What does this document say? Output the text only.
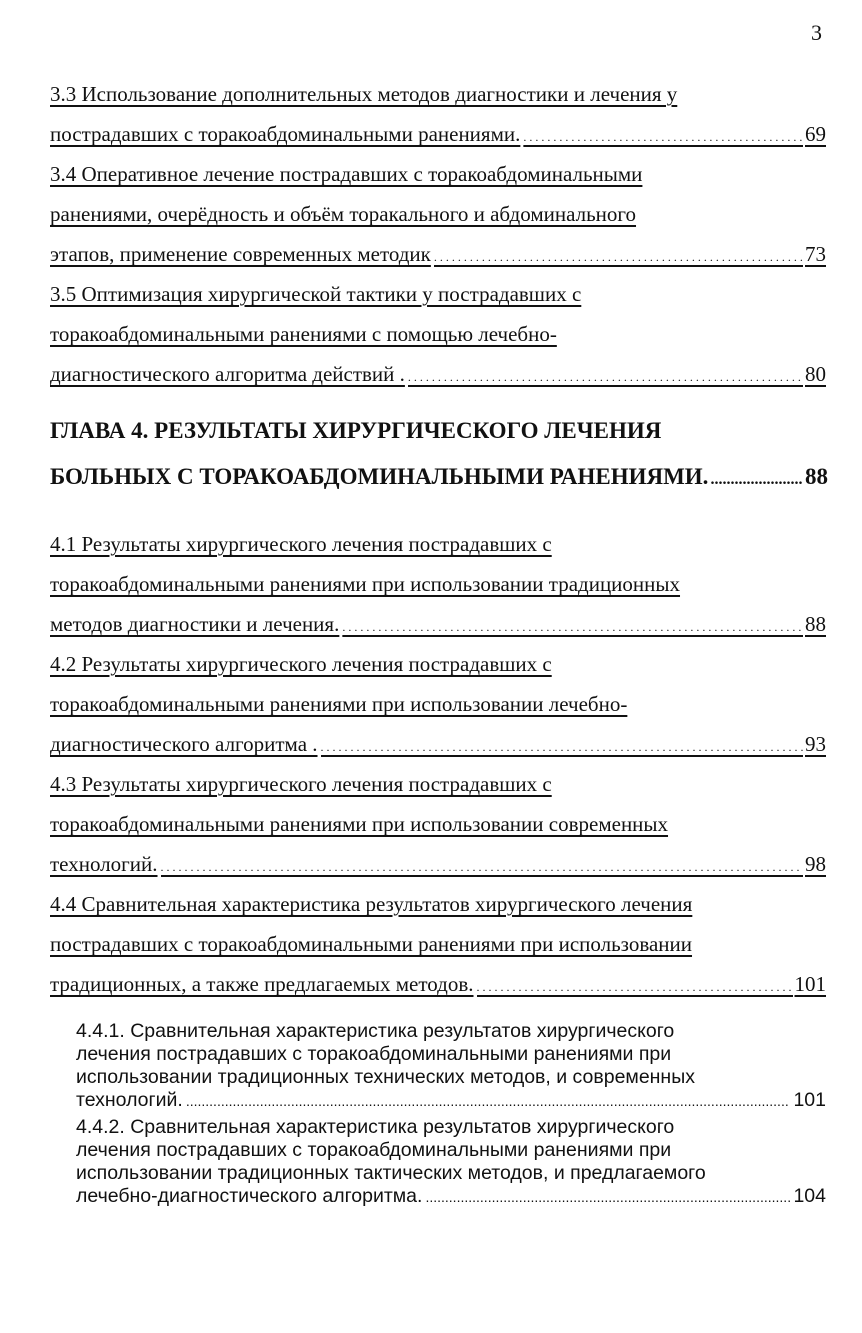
3
3.3 Использование дополнительных методов диагностики и лечения у
пострадавших с торакоабдоминальными ранениями. . . .	69
3.4 Оперативное лечение пострадавших с торакоабдоминальными
ранениями, очерёдность и объём торакального и абдоминального
этапов, применение современных методик . . .	73
3.5 Оптимизация хирургической тактики у пострадавших с
торакоабдоминальными ранениями с помощью лечебно-
диагностического алгоритма действий . . . .	80
ГЛАВА 4. РЕЗУЛЬТАТЫ ХИРУРГИЧЕСКОГО ЛЕЧЕНИЯ
БОЛЬНЫХ С ТОРАКОАБДОМИНАЛЬНЫМИ РАНЕНИЯМИ. .....	88
4.1 Результаты хирургического лечения пострадавших с
торакоабдоминальными ранениями при использовании традиционных
методов диагностики и лечения. . . .	88
4.2 Результаты хирургического лечения пострадавших с
торакоабдоминальными ранениями при использовании лечебно-
диагностического алгоритма . . . .	93
4.3 Результаты хирургического лечения пострадавших с
торакоабдоминальными ранениями при использовании современных
технологий. . . .	98
4.4 Сравнительная характеристика результатов хирургического лечения
пострадавших с торакоабдоминальными ранениями при использовании
традиционных, а также предлагаемых методов. . . .	101
4.4.1. Сравнительная характеристика результатов хирургического
лечения пострадавших с торакоабдоминальными ранениями при
использовании традиционных технических методов, и современных
технологий. .....	101
4.4.2. Сравнительная характеристика результатов хирургического
лечения пострадавших с торакоабдоминальными ранениями при
использовании традиционных тактических методов, и предлагаемого
лечебно-диагностического алгоритма. .....	104
